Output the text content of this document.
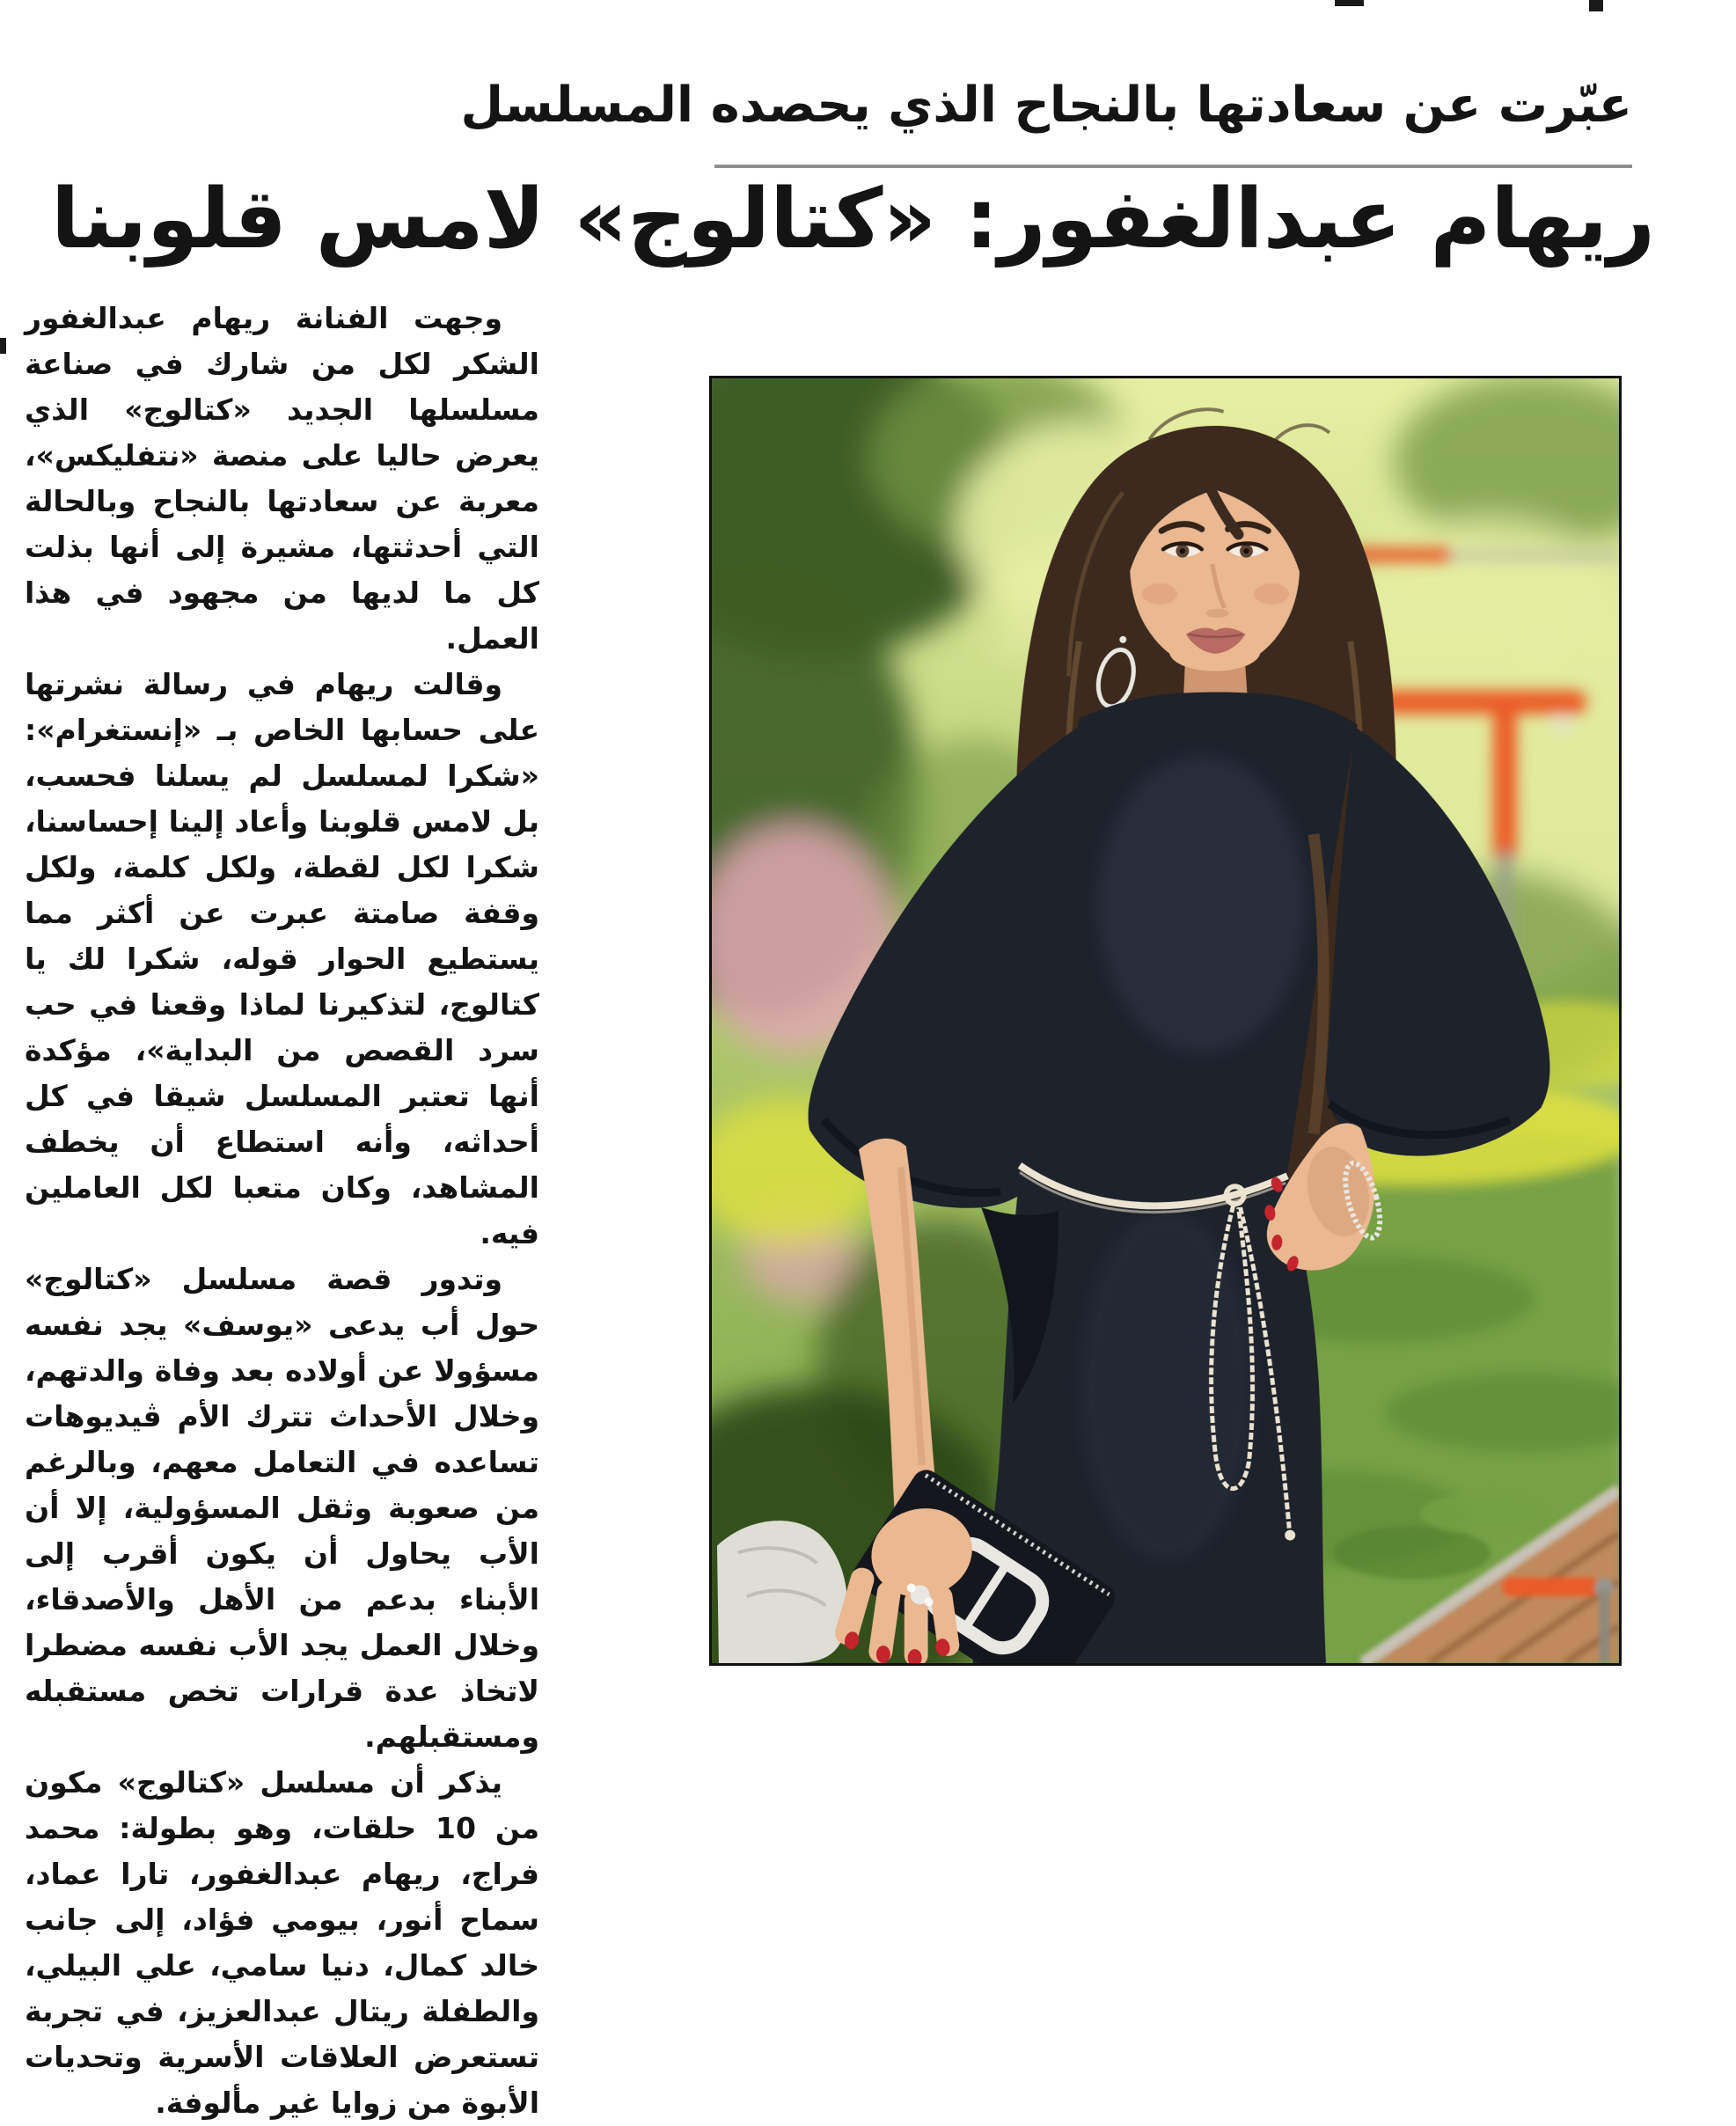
عبّرت عن سعادتها بالنجاح الذي يحصده المسلسل
ريهام عبدالغفور: «كتالوج» لامس قلوبنا

وجهت الفنانة ريهام عبدالغفور الشكر لكل من شارك في صناعة مسلسلها الجديد «كتالوج» الذي يعرض حاليا على منصة «نتفليكس»، معربة عن سعادتها بالنجاح وبالحالة التي أحدثتها، مشيرة إلى أنها بذلت كل ما لديها من مجهود في هذا العمل.

وقالت ريهام في رسالة نشرتها على حسابها الخاص بـ «إنستغرام»: «شكرا لمسلسل لم يسلنا فحسب، بل لامس قلوبنا وأعاد إلينا إحساسنا، شكرا لكل لقطة، ولكل كلمة، ولكل وقفة صامتة عبرت عن أكثر مما يستطيع الحوار قوله، شكرا لك يا كتالوج، لتذكيرنا لماذا وقعنا في حب سرد القصص من البداية»، مؤكدة أنها تعتبر المسلسل شيقا في كل أحداثه، وأنه استطاع أن يخطف المشاهد، وكان متعبا لكل العاملين فيه.

وتدور قصة مسلسل «كتالوج» حول أب يدعى «يوسف» يجد نفسه مسؤولا عن أولاده بعد وفاة والدتهم، وخلال الأحداث تترك الأم ڤيديوهات تساعده في التعامل معهم، وبالرغم من صعوبة وثقل المسؤولية، إلا أن الأب يحاول أن يكون أقرب إلى الأبناء بدعم من الأهل والأصدقاء، وخلال العمل يجد الأب نفسه مضطرا لاتخاذ عدة قرارات تخص مستقبله ومستقبلهم.

يذكر أن مسلسل «كتالوج» مكون من 10 حلقات، وهو بطولة: محمد فراج، ريهام عبدالغفور، تارا عماد، سماح أنور، بيومي فؤاد، إلى جانب خالد كمال، دنيا سامي، علي البيلي، والطفلة ريتال عبدالعزيز، في تجربة تستعرض العلاقات الأسرية وتحديات الأبوة من زوايا غير مألوفة.
